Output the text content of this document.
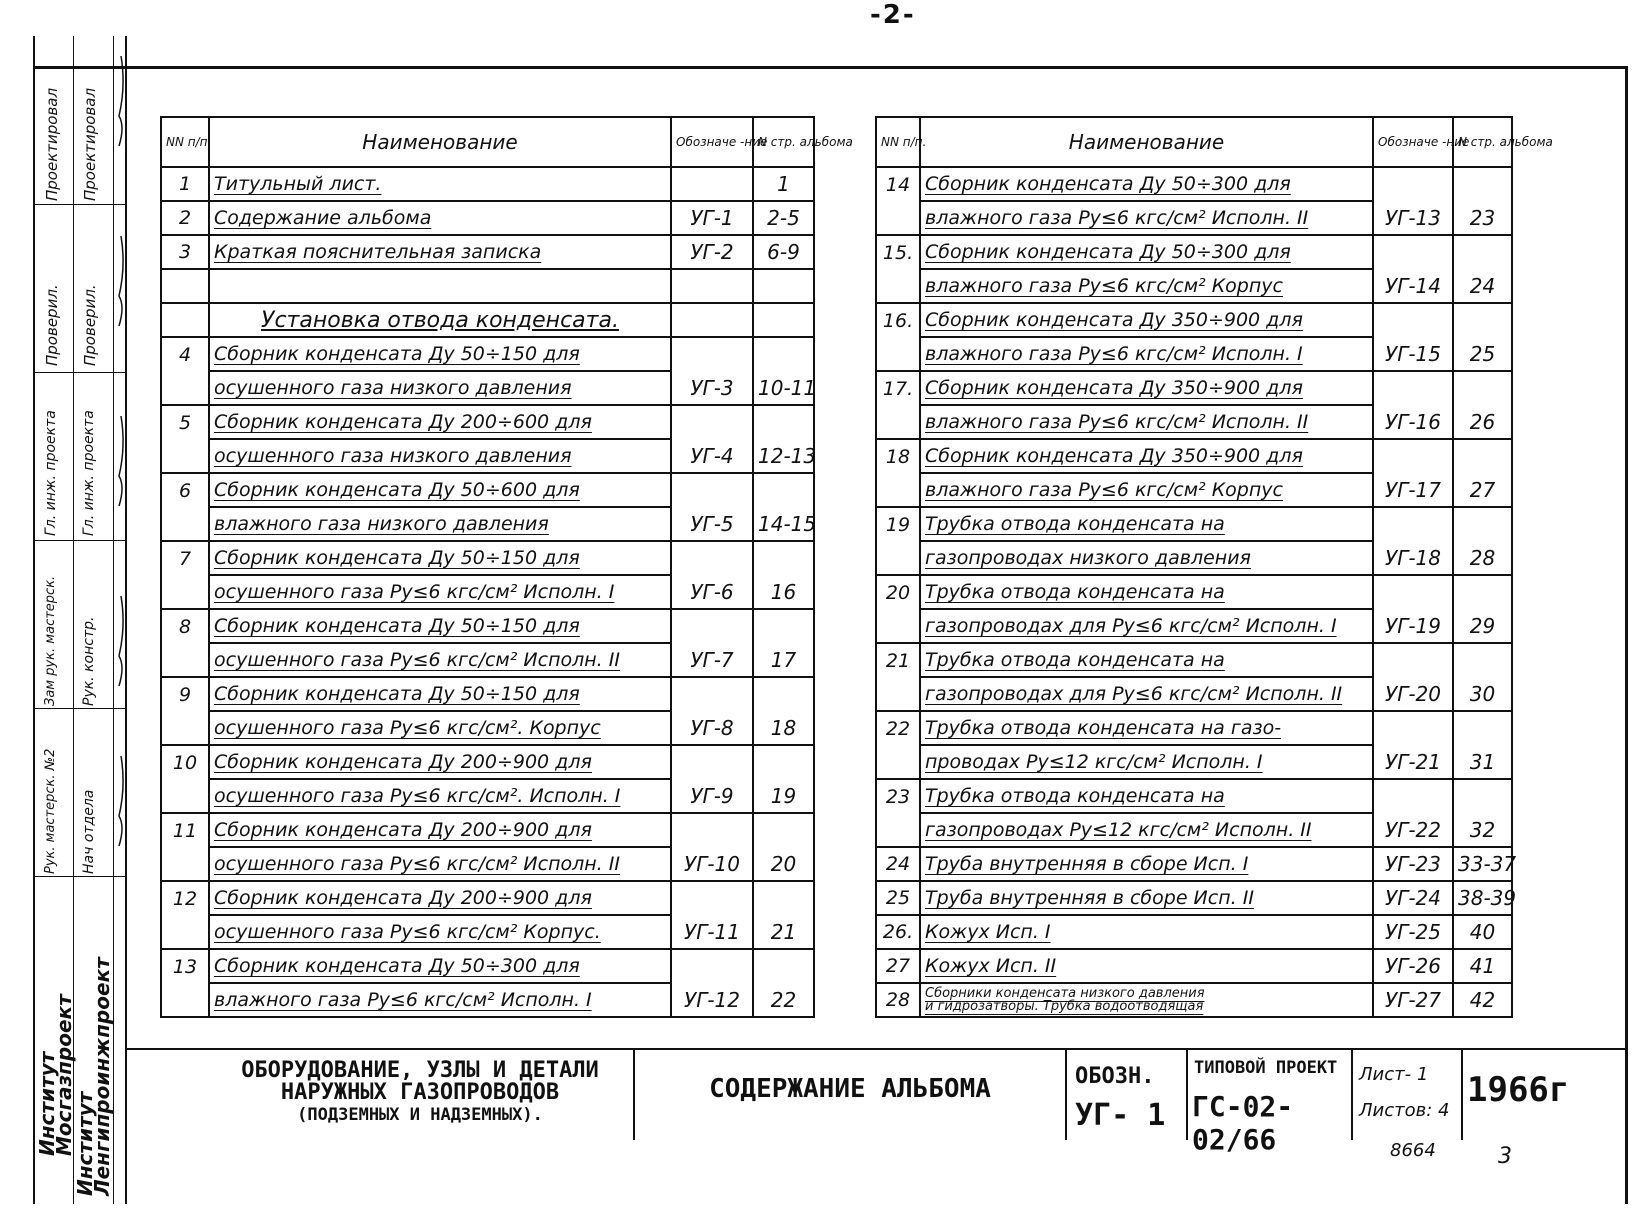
-2-
Проектировал Проектировал
Проверил. Проверил.
Гл. инж. проекта Гл. инж. проекта
Зам рук. мастерск. Рук. констр.
Рук. мастерск. №2 Нач отдела
Институт Мосгазпроект
Институт Ленгипроинжпроект
NN п/п.	Наименование	Обозначе -ние	N стр. альбома
1	Титульный лист.		1
2	Содержание альбома	УГ-1	2-5
3	Краткая пояснительная записка	УГ-2	6-9

	Установка отвода конденсата.		
4	Сборник конденсата Ду 50÷150 для		
	осушенного газа низкого давления	УГ-3	10-11
5	Сборник конденсата Ду 200÷600 для		
	осушенного газа низкого давления	УГ-4	12-13
6	Сборник конденсата Ду 50÷600 для		
	влажного газа низкого давления	УГ-5	14-15
7	Сборник конденсата Ду 50÷150 для		
	осушенного газа Ру≤6 кгс/см² Исполн. I	УГ-6	16
8	Сборник конденсата Ду 50÷150 для		
	осушенного газа Ру≤6 кгс/см² Исполн. II	УГ-7	17
9	Сборник конденсата Ду 50÷150 для		
	осушенного газа Ру≤6 кгс/см². Корпус	УГ-8	18
10	Сборник конденсата Ду 200÷900 для		
	осушенного газа Ру≤6 кгс/см². Исполн. I	УГ-9	19
11	Сборник конденсата Ду 200÷900 для		
	осушенного газа Ру≤6 кгс/см² Исполн. II	УГ-10	20
12	Сборник конденсата Ду 200÷900 для		
	осушенного газа Ру≤6 кгс/см² Корпус.	УГ-11	21
13	Сборник конденсата Ду 50÷300 для		
	влажного газа Ру≤6 кгс/см² Исполн. I	УГ-12	22
NN п/п.	Наименование	Обозначе -ние	N стр. альбома
14	Сборник конденсата Ду 50÷300 для		
	влажного газа Ру≤6 кгс/см² Исполн. II	УГ-13	23
15.	Сборник конденсата Ду 50÷300 для		
	влажного газа Ру≤6 кгс/см² Корпус	УГ-14	24
16.	Сборник конденсата Ду 350÷900 для		
	влажного газа Ру≤6 кгс/см² Исполн. I	УГ-15	25
17.	Сборник конденсата Ду 350÷900 для		
	влажного газа Ру≤6 кгс/см² Исполн. II	УГ-16	26
18	Сборник конденсата Ду 350÷900 для		
	влажного газа Ру≤6 кгс/см² Корпус	УГ-17	27
19	Трубка отвода конденсата на		
	газопроводах низкого давления	УГ-18	28
20	Трубка отвода конденсата на		
	газопроводах для Ру≤6 кгс/см² Исполн. I	УГ-19	29
21	Трубка отвода конденсата на		
	газопроводах для Ру≤6 кгс/см² Исполн. II	УГ-20	30
22	Трубка отвода конденсата на газо-		
	проводах Ру≤12 кгс/см² Исполн. I	УГ-21	31
23	Трубка отвода конденсата на		
	газопроводах Ру≤12 кгс/см² Исполн. II	УГ-22	32
24	Труба внутренняя в сборе Исп. I	УГ-23	33-37
25	Труба внутренняя в сборе Исп. II	УГ-24	38-39
26.	Кожух Исп. I	УГ-25	40
27	Кожух Исп. II	УГ-26	41
28	Сборники конденсата низкого давления
и гидрозатворы. Трубка водоотводящая	УГ-27	42
ОБОРУДОВАНИЕ, УЗЛЫ И ДЕТАЛИ
НАРУЖНЫХ ГАЗОПРОВОДОВ
(ПОДЗЕМНЫХ И НАДЗЕМНЫХ).
СОДЕРЖАНИЕ АЛЬБОМА	ОБОЗН.
УГ- 1
ТИПОВОЙ ПРОЕКТ
ГС-02-02/66
Лист- 1
Листов: 4
1966г
8664	3
